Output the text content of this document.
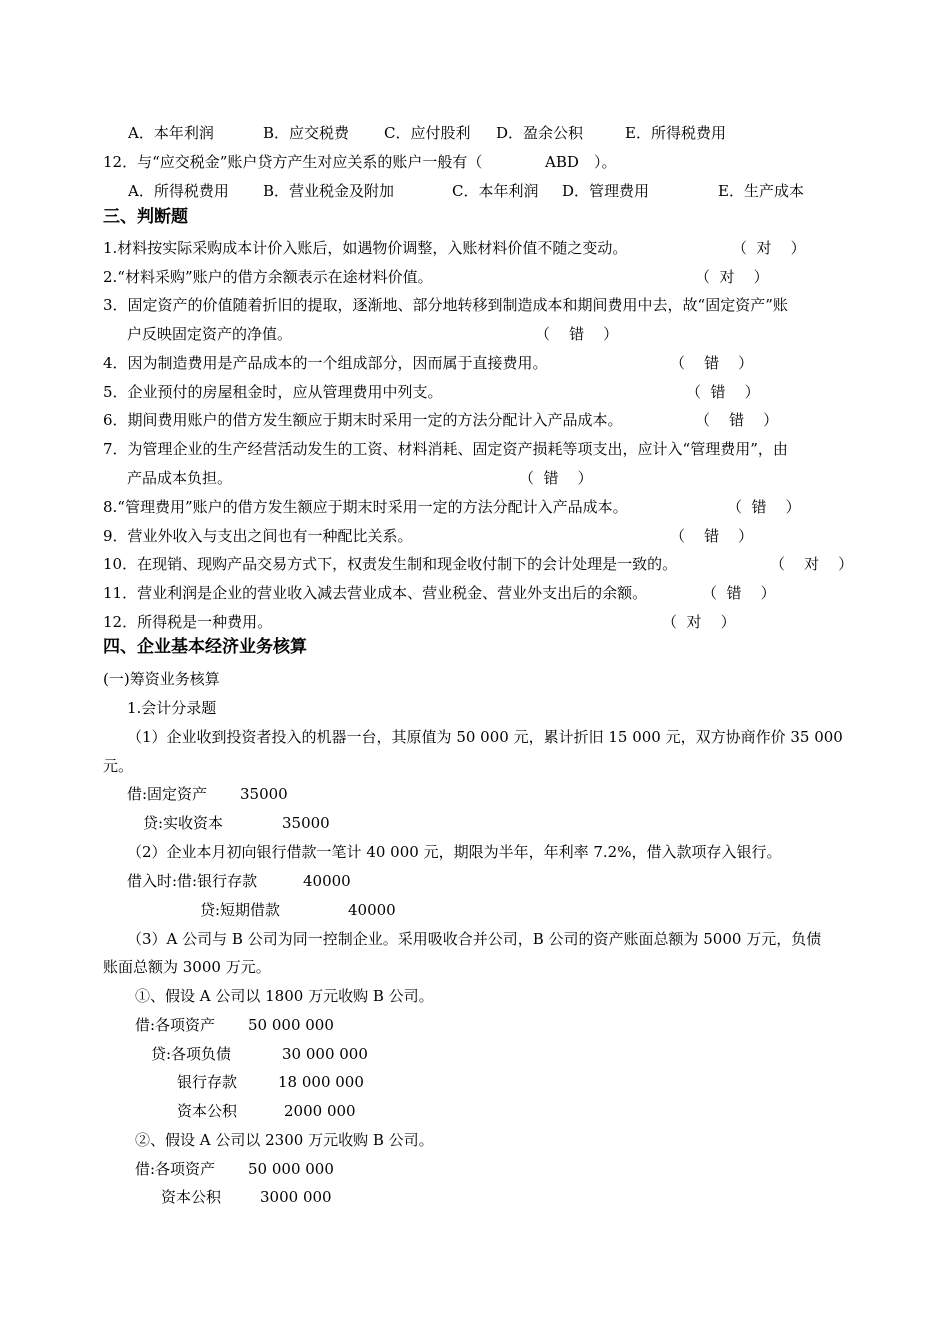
A．本年利润	B．应交税费 C．应付股利 D．盈余公积	E．所得税费用
12．与“应交税金”账户贷方产生对应关系的账户一般有（	ABD ）。
A．所得税费用 B．营业税金及附加	C．本年利润 D．管理费用	E．生产成本
三、判断题
1.材料按实际采购成本计价入账后，如遇物价调整，入账材料价值不随之变动。	（  对    ）
2.“材料采购”账户的借方余额表示在途材料价值。	（  对    ）
3．固定资产的价值随着折旧的提取，逐渐地、部分地转移到制造成本和期间费用中去，故“固定资产”账
户反映固定资产的净值。	（    错    ）
4．因为制造费用是产品成本的一个组成部分，因而属于直接费用。	（    错    ）
5．企业预付的房屋租金时，应从管理费用中列支。	（  错    ）
6．期间费用账户的借方发生额应于期末时采用一定的方法分配计入产品成本。	（    错    ）
7．为管理企业的生产经营活动发生的工资、材料消耗、固定资产损耗等项支出，应计入“管理费用”，由
产品成本负担。	（  错    ）
8.“管理费用”账户的借方发生额应于期末时采用一定的方法分配计入产品成本。	（  错    ）
9．营业外收入与支出之间也有一种配比关系。	（    错    ）
10．在现销、现购产品交易方式下，权责发生制和现金收付制下的会计处理是一致的。	（    对    ）
11．营业利润是企业的营业收入减去营业成本、营业税金、营业外支出后的余额。	（  错    ）
12．所得税是一种费用。	（  对    ）
四、企业基本经济业务核算
(一)筹资业务核算
1.会计分录题
（1）企业收到投资者投入的机器一台，其原值为 50 000 元，累计折旧 15 000 元，双方协商作价 35 000
元。
借:固定资产 35000
贷:实收资本	35000
（2）企业本月初向银行借款一笔计 40 000 元，期限为半年，年利率 7.2%，借入款项存入银行。
借入时:借:银行存款	40000
贷:短期借款	40000
（3）A 公司与 B 公司为同一控制企业。采用吸收合并公司，B 公司的资产账面总额为 5000 万元，负债
账面总额为 3000 万元。
①、假设 A 公司以 1800 万元收购 B 公司。
借:各项资产 50 000 000
贷:各项负债	30 000 000
银行存款	18 000 000
资本公积	2000 000
②、假设 A 公司以 2300 万元收购 B 公司。
借:各项资产 50 000 000
资本公积	3000 000
